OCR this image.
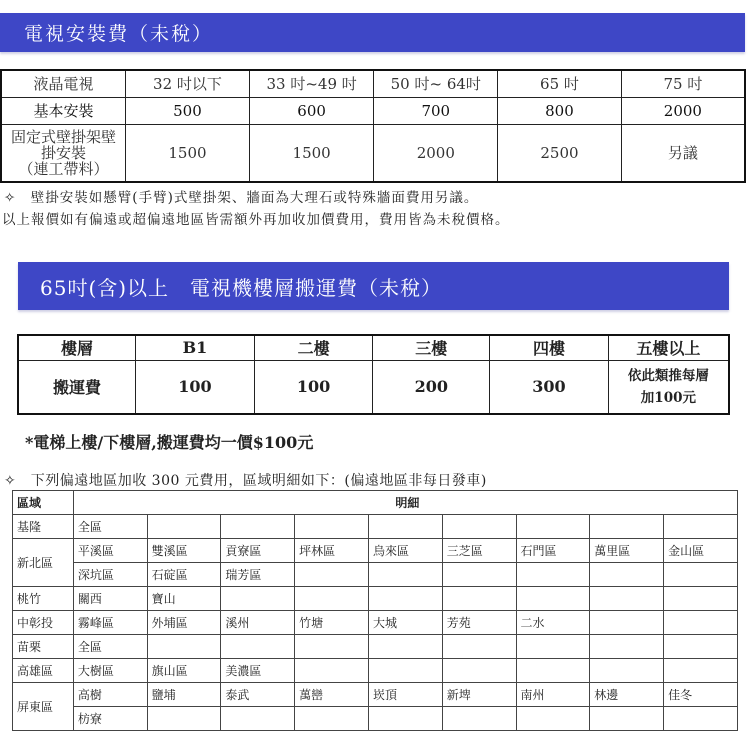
電視安裝費（未稅）
液晶電視	32 吋以下	33 吋~49 吋	50 吋~ 64吋	65 吋	75 吋
基本安裝	500	600	700	800	2000

固定式壁掛架壁
掛安裝
（連工帶料）	1500	1500	2000	2500	另議
✧　壁掛安裝如懸臂(手臂)式壁掛架、牆面為大理石或特殊牆面費用另議。
以上報價如有偏遠或超偏遠地區皆需額外再加收加價費用，費用皆為未稅價格。
65吋(含)以上　電視機樓層搬運費（未稅）
樓層	B1	二樓	三樓	四樓	五樓以上
搬運費	100	100	200	300	依此類推每層
加100元
*電梯上樓/下樓層,搬運費均一價$100元
✧　下列偏遠地區加收 300 元費用，區域明細如下：(偏遠地區非每日發車)
區域	明細								
基隆	全區								
新北區	平溪區	雙溪區	貢寮區	坪林區	烏來區	三芝區	石門區	萬里區	金山區
	深坑區	石碇區	瑞芳區						
桃竹	關西	寶山							
中彰投	霧峰區	外埔區	溪州	竹塘	大城	芳苑	二水		
苗栗	全區								
高雄區	大樹區	旗山區	美濃區						
屏東區	高樹	鹽埔	泰武	萬巒	崁頂	新埤	南州	林邊	佳冬
	枋寮								
